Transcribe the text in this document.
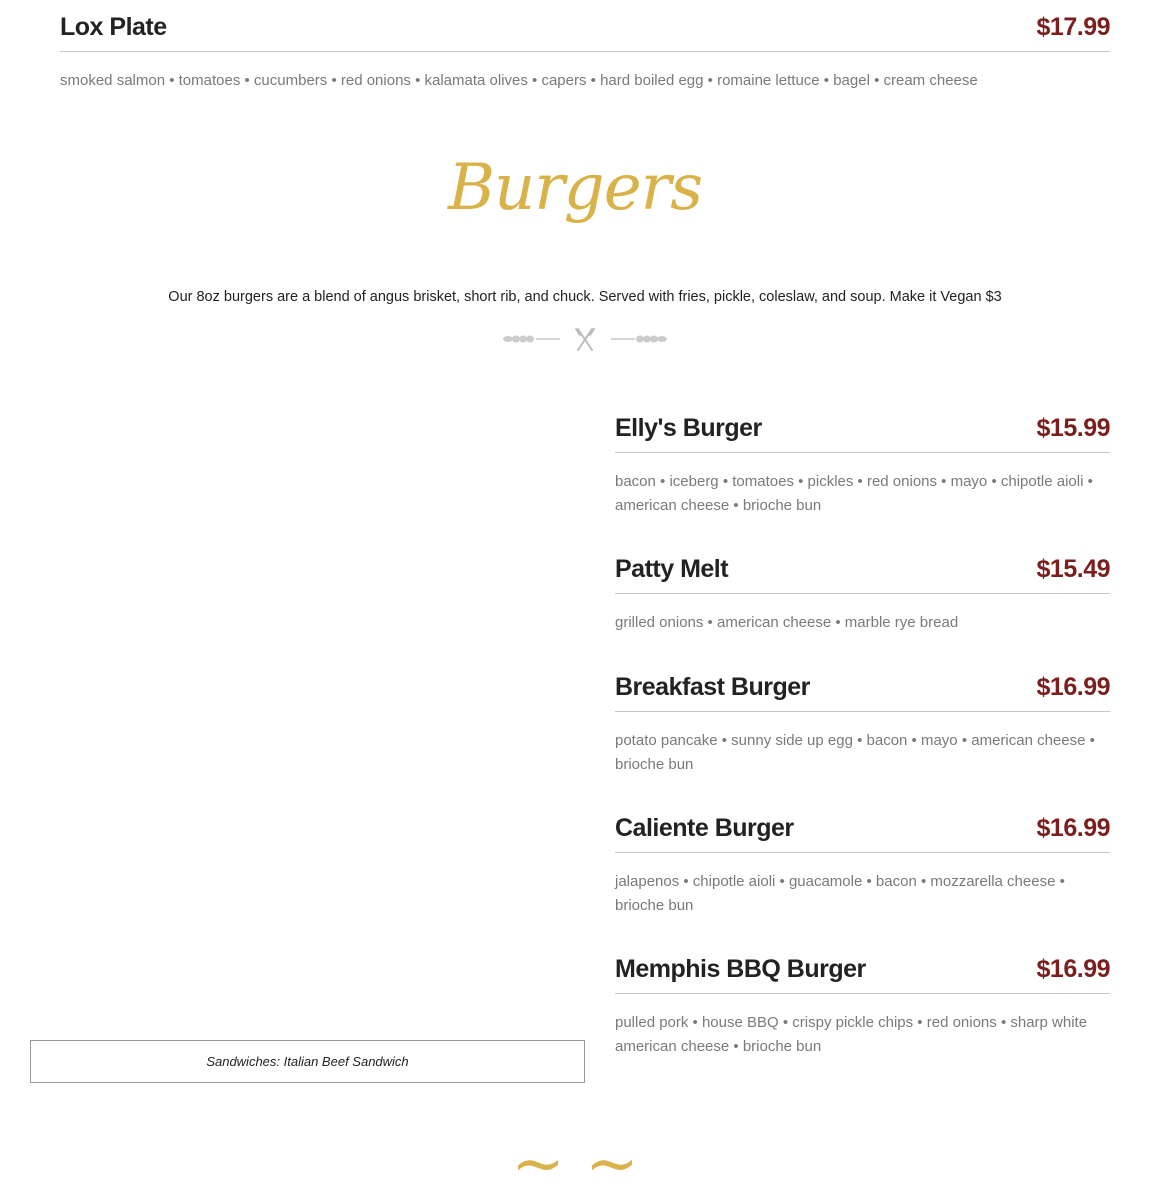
Lox Plate	$17.99
smoked salmon • tomatoes • cucumbers • red onions • kalamata olives • capers • hard boiled egg • romaine lettuce • bagel • cream cheese
Burgers
Our 8oz burgers are a blend of angus brisket, short rib, and chuck. Served with fries, pickle, coleslaw, and soup. Make it Vegan $3
Elly's Burger	$15.99
bacon • iceberg • tomatoes • pickles • red onions • mayo • chipotle aioli • american cheese • brioche bun
Patty Melt	$15.49
grilled onions • american cheese • marble rye bread
Breakfast Burger	$16.99
potato pancake • sunny side up egg • bacon • mayo • american cheese • brioche bun
Caliente Burger	$16.99
jalapenos • chipotle aioli • guacamole • bacon • mozzarella cheese • brioche bun
Memphis BBQ Burger	$16.99
pulled pork • house BBQ • crispy pickle chips • red onions • sharp white american cheese • brioche bun
Sandwiches: Italian Beef Sandwich
~ ~
